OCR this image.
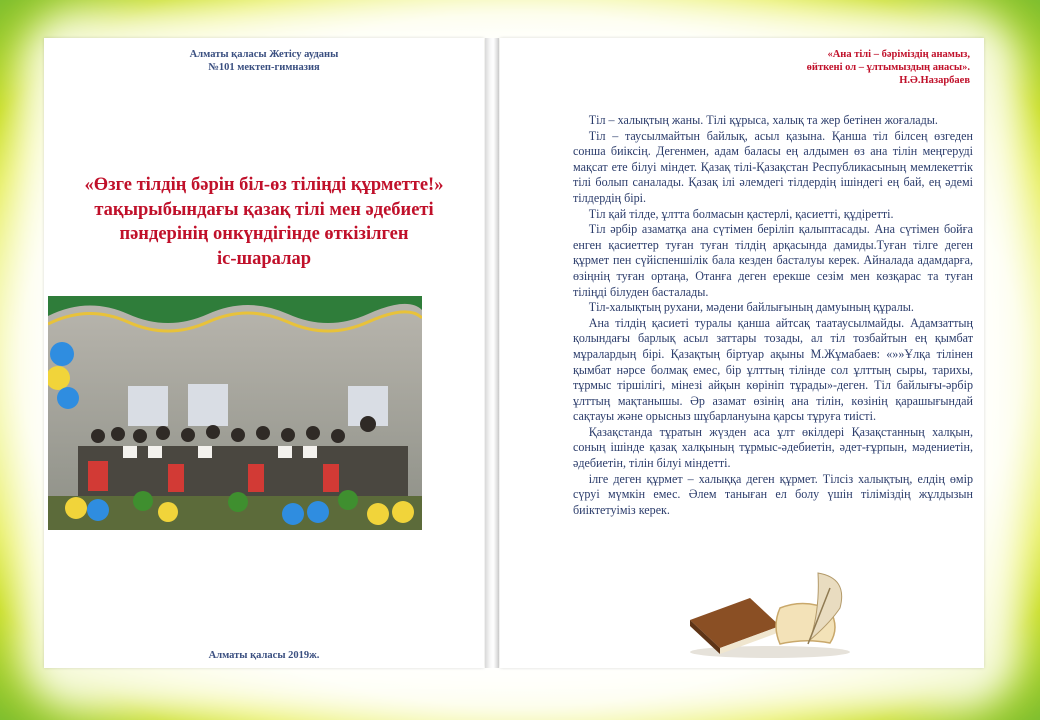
Алматы қаласы Жетісу ауданы
№101 мектеп-гимназия
«Өзге тілдің бәрін біл-өз тіліңді құрметте!»
тақырыбындағы қазақ тілі мен әдебиеті
пәндерінің онкүндігінде өткізілген
іс-шаралар
Алматы қаласы 2019ж.
«Ана тілі – бәріміздің анамыз,
өйткені ол – ұлтымыздың анасы».
Н.Ә.Назарбаев

Тіл – халықтың жаны. Тілі құрыса, халық та жер бетінен жоғалады.

Тіл – таусылмайтын байлық, асыл қазына. Қанша тіл білсең өзгеден сонша биіксің. Дегенмен, адам баласы ең алдымен өз ана тілін меңгеруді мақсат ете білуі міндет. Қазақ тілі-Қазақстан Республикасының мемлекеттік тілі болып саналады. Қазақ ілі әлемдегі тілдердің ішіндегі ең бай, ең әдемі тілдердің бірі.

Тіл қай тілде, ұлтта болмасын қастерлі, қасиетті, құдіретті.

Тіл әрбір азаматқа ана сүтімен беріліп қалыптасады. Ана сүтімен бойға енген қасиеттер туған туған тілдің арқасында дамиды.Туған тілге деген құрмет пен сүйіспеншілік бала кезден басталуы керек. Айналада адамдарға, өзіңнің туған ортаңа, Отанға деген ерекше сезім мен көзқарас та туған тіліңді білуден басталады.

Тіл-халықтың рухани, мәдени байлығының дамуының құралы.

Ана тілдің қасиеті туралы қанша айтсақ таатаусылмайды. Адамзаттың қолындағы барлық асыл заттары тозады, ал тіл тозбайтын ең қымбат мұралардың бірі. Қазақтың біртуар ақыны М.Жұмабаев: «»»Ұлқа тілінен қымбат нәрсе болмақ емес, бір ұлттың тілінде сол ұлттың сыры, тарихы, тұрмыс тіршілігі, мінезі айқын көрініп тұрады»-деген. Тіл байлығы-әрбір ұлттың мақтанышы. Әр азамат өзінің ана тілін, көзінің қарашығындай сақтауы және орысныз шұбарлануына қарсы тұруға тиісті.

Қазақстанда тұратын жүзден аса ұлт өкілдері Қазақстанның халқын, соның ішінде қазақ халқының тұрмыс-әдебиетін, әдет-ғұрпын, мәдениетін, әдебиетін, тілін білуі міндетті.

ілге деген құрмет – халыққа деген құрмет. Тілсіз халықтың, елдің өмір сүруі мүмкін емес. Әлем таныған ел болу үшін тіліміздің жұлдызын биіктетуіміз керек.
